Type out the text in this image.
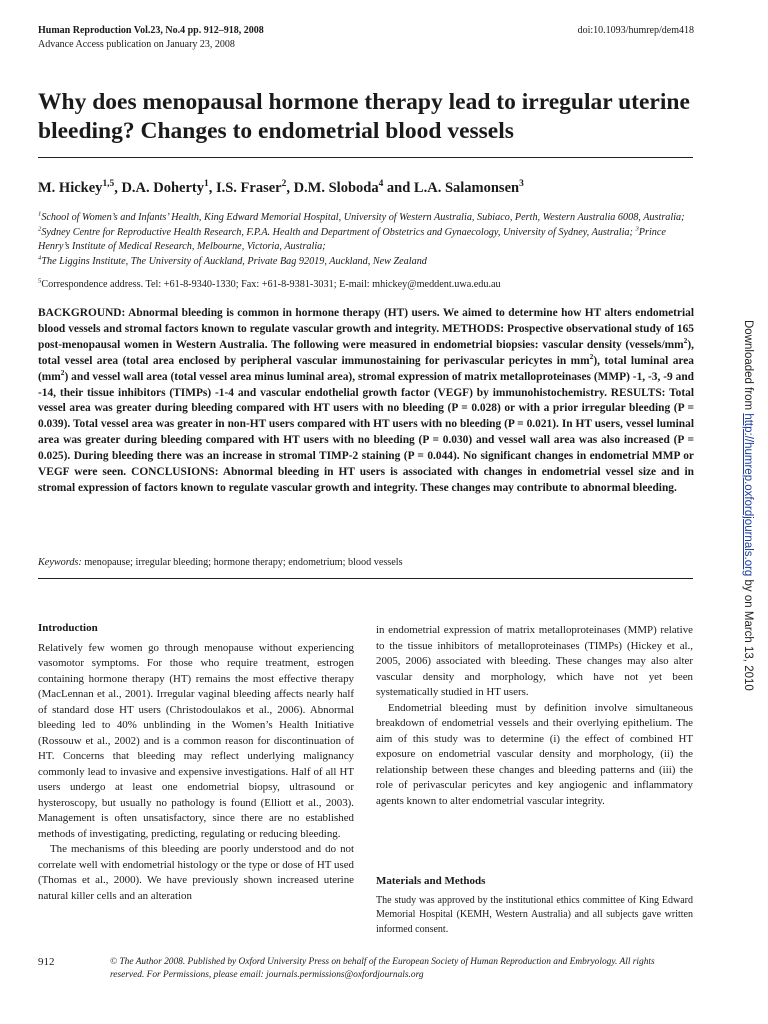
Human Reproduction Vol.23, No.4 pp. 912–918, 2008
Advance Access publication on January 23, 2008
doi:10.1093/humrep/dem418
Why does menopausal hormone therapy lead to irregular uterine bleeding? Changes to endometrial blood vessels
M. Hickey$^{1,5}$, D.A. Doherty$^1$, I.S. Fraser$^2$, D.M. Sloboda$^4$ and L.A. Salamonsen$^3$
$^1$School of Women’s and Infants’ Health, King Edward Memorial Hospital, University of Western Australia, Subiaco, Perth, Western Australia 6008, Australia; $^2$Sydney Centre for Reproductive Health Research, F.P.A. Health and Department of Obstetrics and Gynaecology, University of Sydney, Australia; $^3$Prince Henry’s Institute of Medical Research, Melbourne, Victoria, Australia;
$^4$The Liggins Institute, The University of Auckland, Private Bag 92019, Auckland, New Zealand
$^5$Correspondence address. Tel: +61-8-9340-1330; Fax: +61-8-9381-3031; E-mail: mhickey@meddent.uwa.edu.au
BACKGROUND: Abnormal bleeding is common in hormone therapy (HT) users. We aimed to determine how HT alters endometrial blood vessels and stromal factors known to regulate vascular growth and integrity. METHODS: Prospective observational study of 165 post-menopausal women in Western Australia. The following were measured in endometrial biopsies: vascular density $(vessels/mm^2)$, total vessel area (total area enclosed by peripheral vascular immunostaining for perivascular pericytes in $mm^2$), total luminal area $(mm^2)$ and vessel wall area (total vessel area minus luminal area), stromal expression of matrix metalloproteinases (MMP) -1, -3, -9 and -14, their tissue inhibitors (TIMPs) -1-4 and vascular endothelial growth factor (VEGF) by immunohistochemistry. RESULTS: Total vessel area was greater during bleeding compared with HT users with no bleeding (P = 0.028) or with a prior irregular bleeding (P = 0.039). Total vessel area was greater in non-HT users compared with HT users with no bleeding (P = 0.021). In HT users, vessel luminal area was greater during bleeding compared with HT users with no bleeding (P = 0.030) and vessel wall area was also increased (P = 0.025). During bleeding there was an increase in stromal TIMP-2 staining (P = 0.044). No significant changes in endometrial MMP or VEGF were seen. CONCLUSIONS: Abnormal bleeding in HT users is associated with changes in endometrial vessel size and in stromal expression of factors known to regulate vascular growth and integrity. These changes may contribute to abnormal bleeding.
Keywords: menopause; irregular bleeding; hormone therapy; endometrium; blood vessels
Introduction

Relatively few women go through menopause without experiencing vasomotor symptoms. For those who require treatment, estrogen containing hormone therapy (HT) remains the most effective therapy (MacLennan et al., 2001). Irregular vaginal bleeding affects nearly half of standard dose HT users (Christodoulakos et al., 2006). Abnormal bleeding led to 40% unblinding in the Women’s Health Initiative (Rossouw et al., 2002) and is a common reason for discontinuation of HT. Concerns that bleeding may reflect underlying malignancy commonly lead to invasive and expensive investigations. Half of all HT users undergo at least one endometrial biopsy, ultrasound or hysteroscopy, but usually no pathology is found (Elliott et al., 2003). Management is often unsatisfactory, since there are no established methods of investigating, predicting, regulating or reducing bleeding.

The mechanisms of this bleeding are poorly understood and do not correlate well with endometrial histology or the type or dose of HT used (Thomas et al., 2000). We have previously shown increased uterine natural killer cells and an alteration

in endometrial expression of matrix metalloproteinases (MMP) relative to the tissue inhibitors of metalloproteinases (TIMPs) (Hickey et al., 2005, 2006) associated with bleeding. These changes may also alter vascular density and morphology, which have not yet been systematically studied in HT users.

Endometrial bleeding must by definition involve simultaneous breakdown of endometrial vessels and their overlying epithelium. The aim of this study was to determine (i) the effect of combined HT exposure on endometrial vascular density and morphology, (ii) the relationship between these changes and bleeding patterns and (iii) the role of perivascular pericytes and key angiogenic and inflammatory agents known to alter endometrial vascular integrity.

Materials and Methods

The study was approved by the institutional ethics committee of King Edward Memorial Hospital (KEMH, Western Australia) and all subjects gave written informed consent.

912	© The Author 2008. Published by Oxford University Press on behalf of the European Society of Human Reproduction and Embryology. All rights reserved. For Permissions, please email: journals.permissions@oxfordjournals.org
Downloaded from http://humrep.oxfordjournals.org by on March 13, 2010
